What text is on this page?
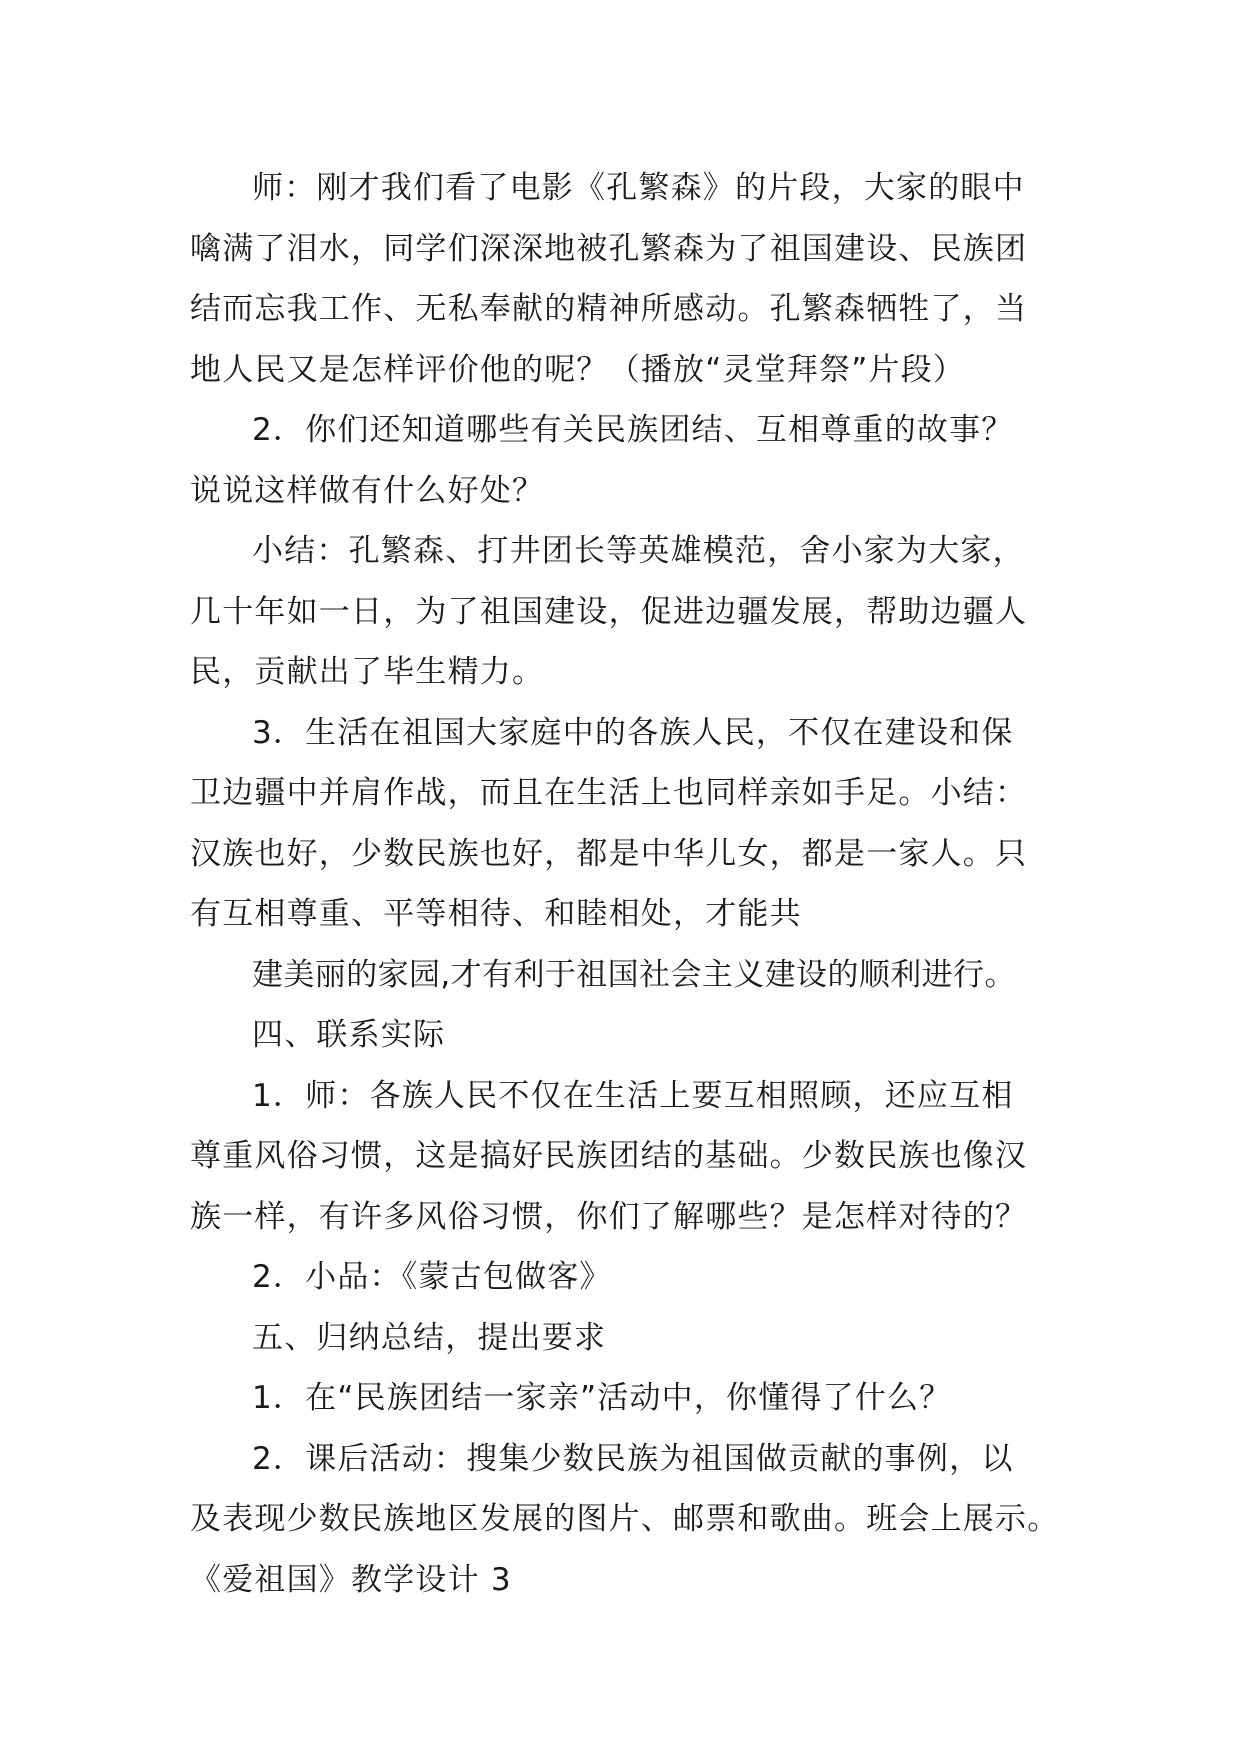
师：刚才我们看了电影《孔繁森》的片段，大家的眼中
噙满了泪水，同学们深深地被孔繁森为了祖国建设、民族团
结而忘我工作、无私奉献的精神所感动。孔繁森牺牲了，当
地人民又是怎样评价他的呢？（播放“灵堂拜祭”片段）
2．你们还知道哪些有关民族团结、互相尊重的故事？
说说这样做有什么好处？
小结：孔繁森、打井团长等英雄模范，舍小家为大家，
几十年如一日，为了祖国建设，促进边疆发展，帮助边疆人
民，贡献出了毕生精力。
3．生活在祖国大家庭中的各族人民，不仅在建设和保
卫边疆中并肩作战，而且在生活上也同样亲如手足。小结：
汉族也好，少数民族也好，都是中华儿女，都是一家人。只
有互相尊重、平等相待、和睦相处，才能共
建美丽的家园,才有利于祖国社会主义建设的顺利进行。
四、联系实际
1．师：各族人民不仅在生活上要互相照顾，还应互相
尊重风俗习惯，这是搞好民族团结的基础。少数民族也像汉
族一样，有许多风俗习惯，你们了解哪些？是怎样对待的？
2．小品：《蒙古包做客》
五、归纳总结，提出要求
1．在“民族团结一家亲”活动中，你懂得了什么？
2．课后活动：搜集少数民族为祖国做贡献的事例，以
及表现少数民族地区发展的图片、邮票和歌曲。班会上展示。
《爱祖国》教学设计 3
